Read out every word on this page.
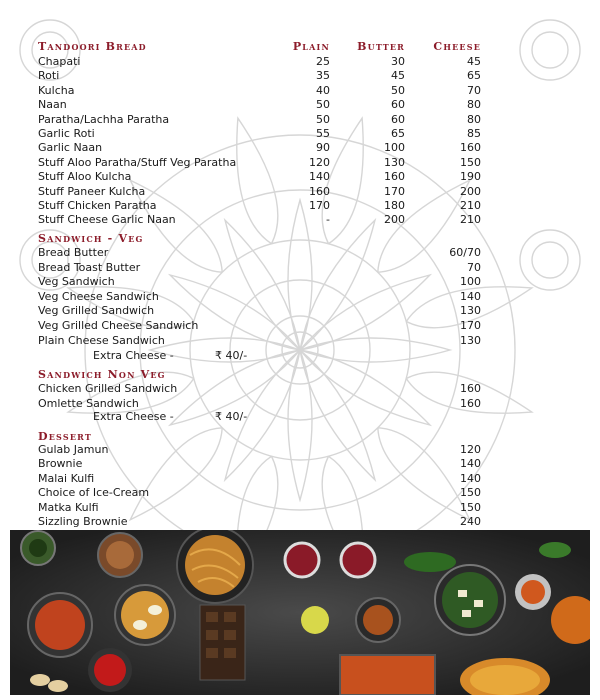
Tandoori Bread	Plain	Butter	Cheese
Chapati	25	30	45
Roti	35	45	65
Kulcha	40	50	70
Naan	50	60	80
Paratha/Lachha Paratha	50	60	80
Garlic Roti	55	65	85
Garlic Naan	90	100	160
Stuff Aloo Paratha/Stuff Veg Paratha	120	130	150
Stuff Aloo Kulcha	140	160	190
Stuff Paneer Kulcha	160	170	200
Stuff Chicken Paratha	170	180	210
Stuff Cheese Garlic Naan	-	200	210
Sandwich - Veg
Bread Butter	60/70
Bread Toast Butter	70
Veg Sandwich	100
Veg Cheese Sandwich	140
Veg Grilled Sandwich	130
Veg Grilled Cheese Sandwich	170
Plain Cheese Sandwich	130
Extra Cheese -	₹ 40/-
Sandwich Non Veg
Chicken Grilled Sandwich	160
Omlette Sandwich	160
Extra Cheese -	₹ 40/-
Dessert
Gulab Jamun	120
Brownie	140
Malai Kulfi	140
Choice of Ice-Cream	150
Matka Kulfi	150
Sizzling Brownie	240
